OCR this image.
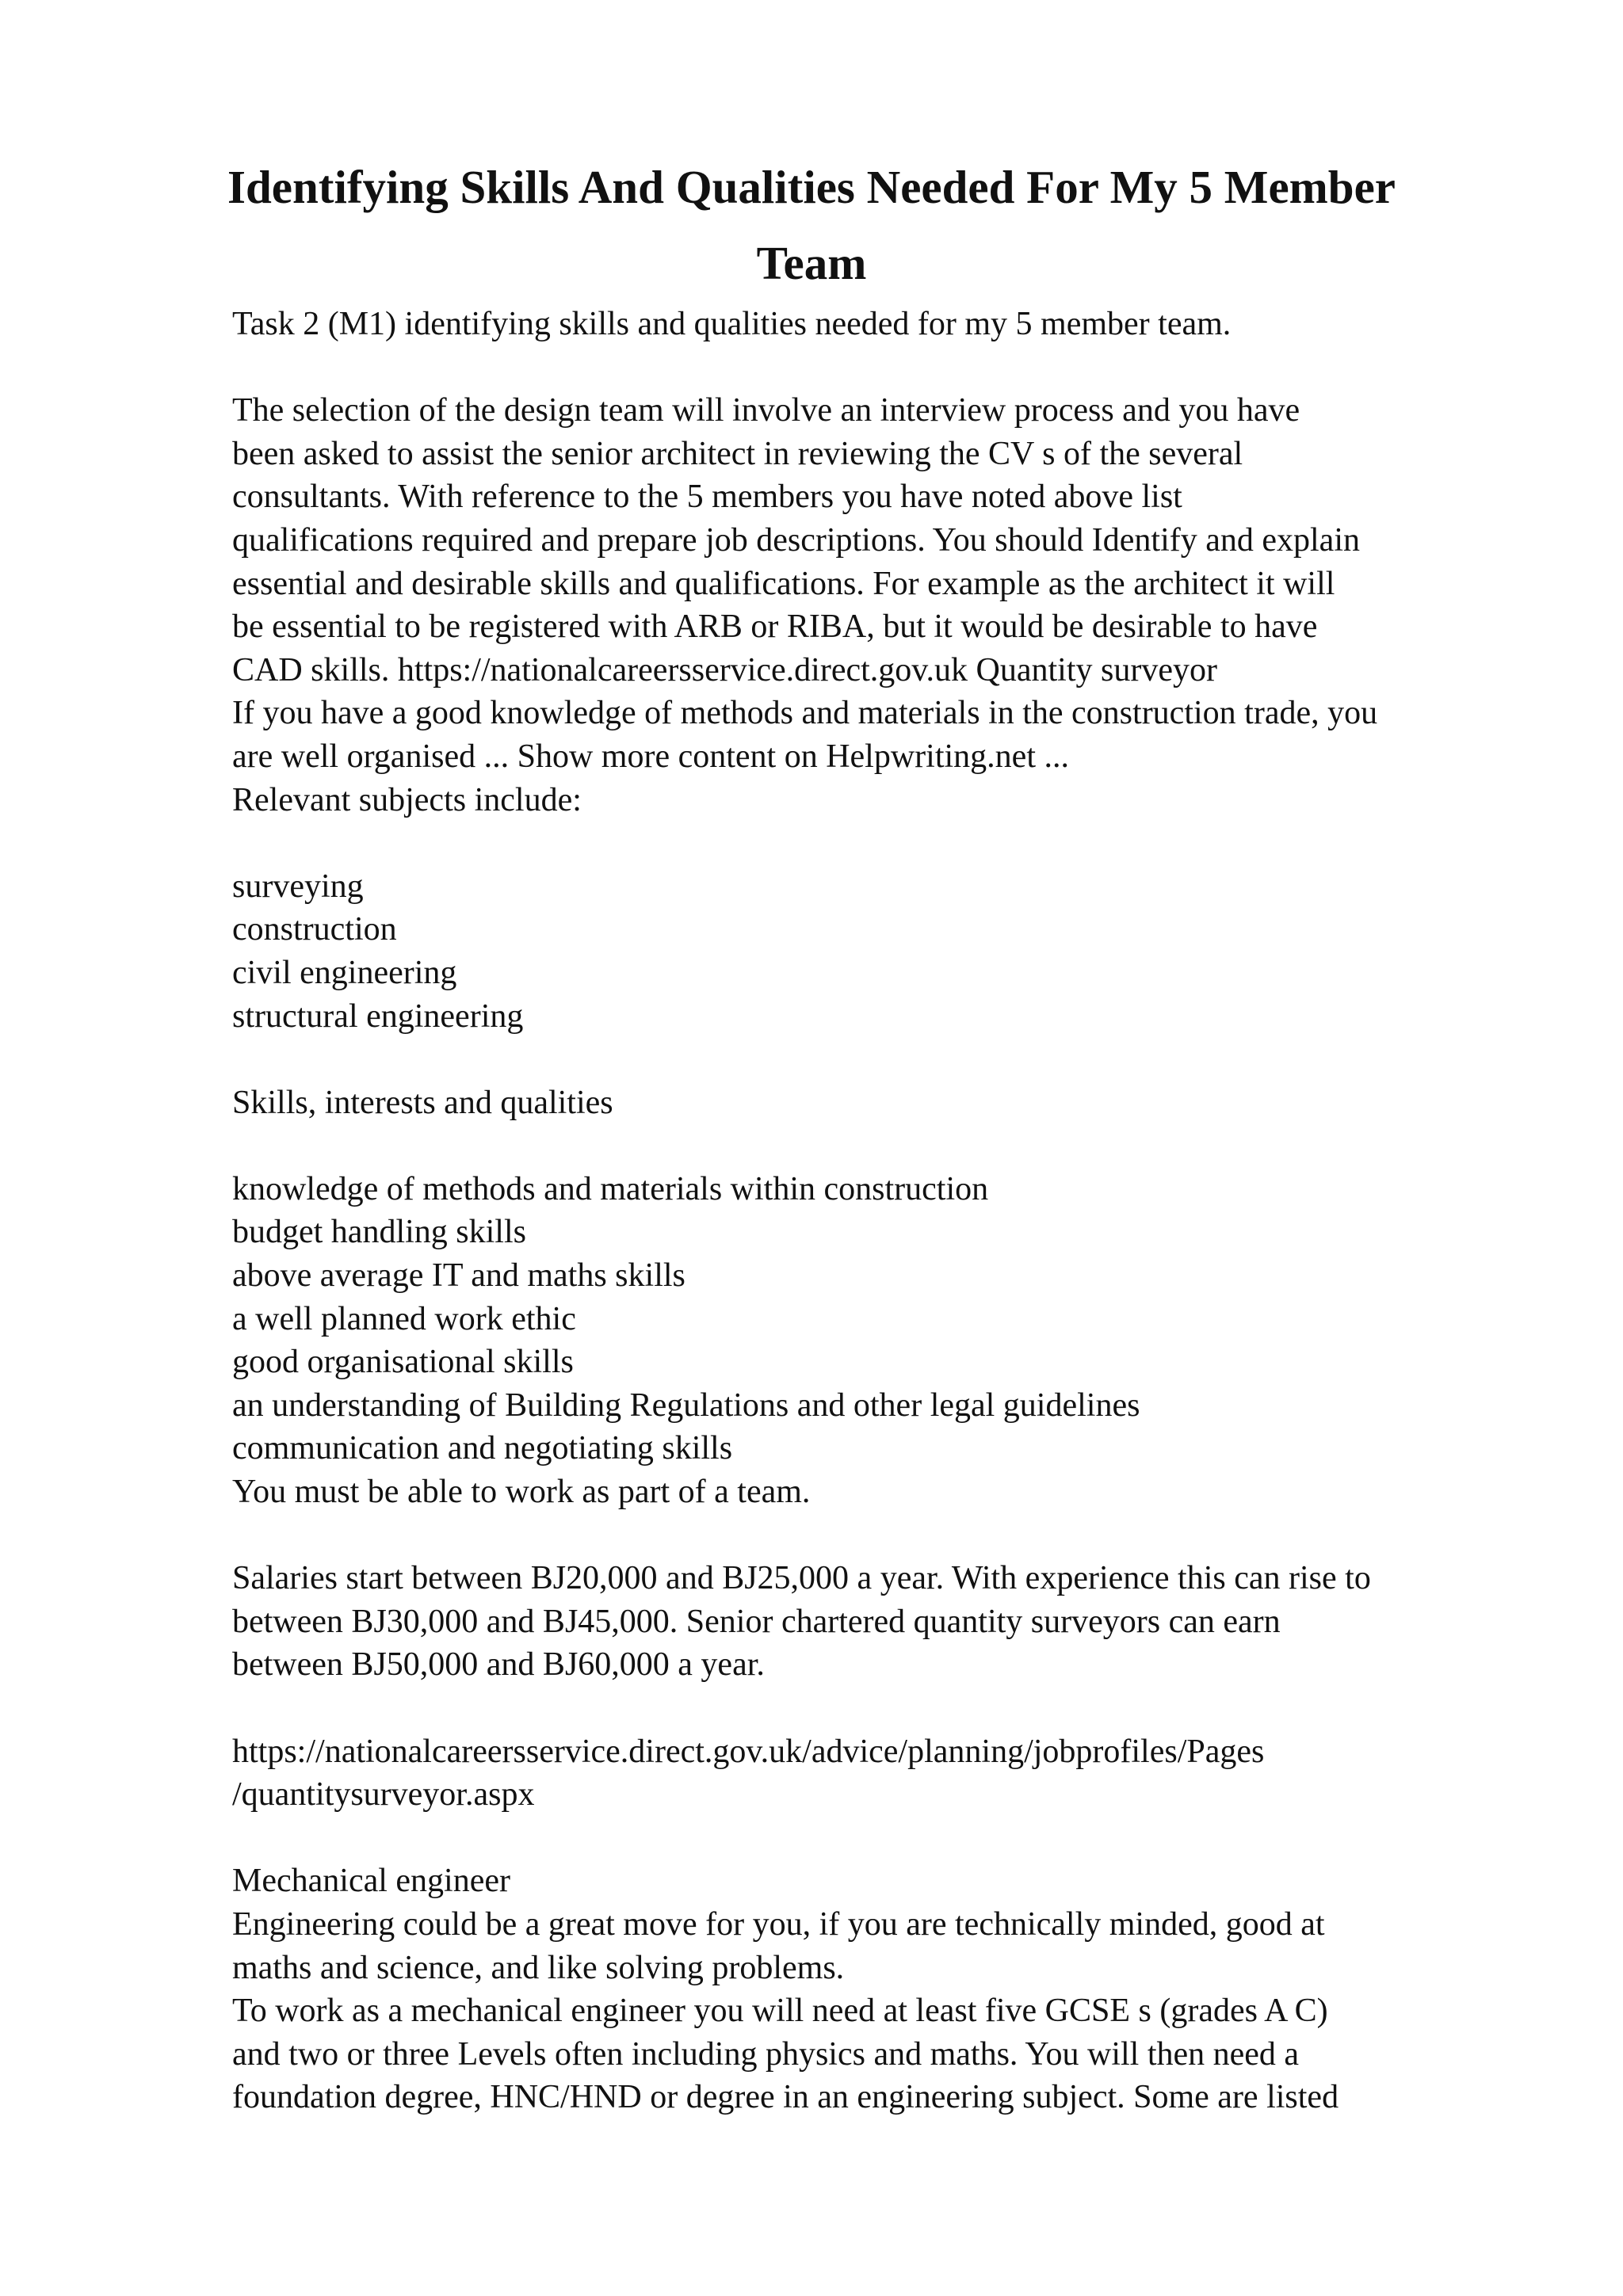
Identifying Skills And Qualities Needed For My 5 Member
Team
Task 2 (M1) identifying skills and qualities needed for my 5 member team.
The selection of the design team will involve an interview process and you have
been asked to assist the senior architect in reviewing the CV s of the several
consultants. With reference to the 5 members you have noted above list
qualifications required and prepare job descriptions. You should Identify and explain
essential and desirable skills and qualifications. For example as the architect it will
be essential to be registered with ARB or RIBA, but it would be desirable to have
CAD skills. https://nationalcareersservice.direct.gov.uk Quantity surveyor
If you have a good knowledge of methods and materials in the construction trade, you
are well organised ... Show more content on Helpwriting.net ...
Relevant subjects include:
surveying
construction
civil engineering
structural engineering
Skills, interests and qualities
knowledge of methods and materials within construction
budget handling skills
above average IT and maths skills
a well planned work ethic
good organisational skills
an understanding of Building Regulations and other legal guidelines
communication and negotiating skills
You must be able to work as part of a team.
Salaries start between BJ20,000 and BJ25,000 a year. With experience this can rise to
between BJ30,000 and BJ45,000. Senior chartered quantity surveyors can earn
between BJ50,000 and BJ60,000 a year.
https://nationalcareersservice.direct.gov.uk/advice/planning/jobprofiles/Pages
/quantitysurveyor.aspx
Mechanical engineer
Engineering could be a great move for you, if you are technically minded, good at
maths and science, and like solving problems.
To work as a mechanical engineer you will need at least five GCSE s (grades A C)
and two or three Levels often including physics and maths. You will then need a
foundation degree, HNC/HND or degree in an engineering subject. Some are listed
